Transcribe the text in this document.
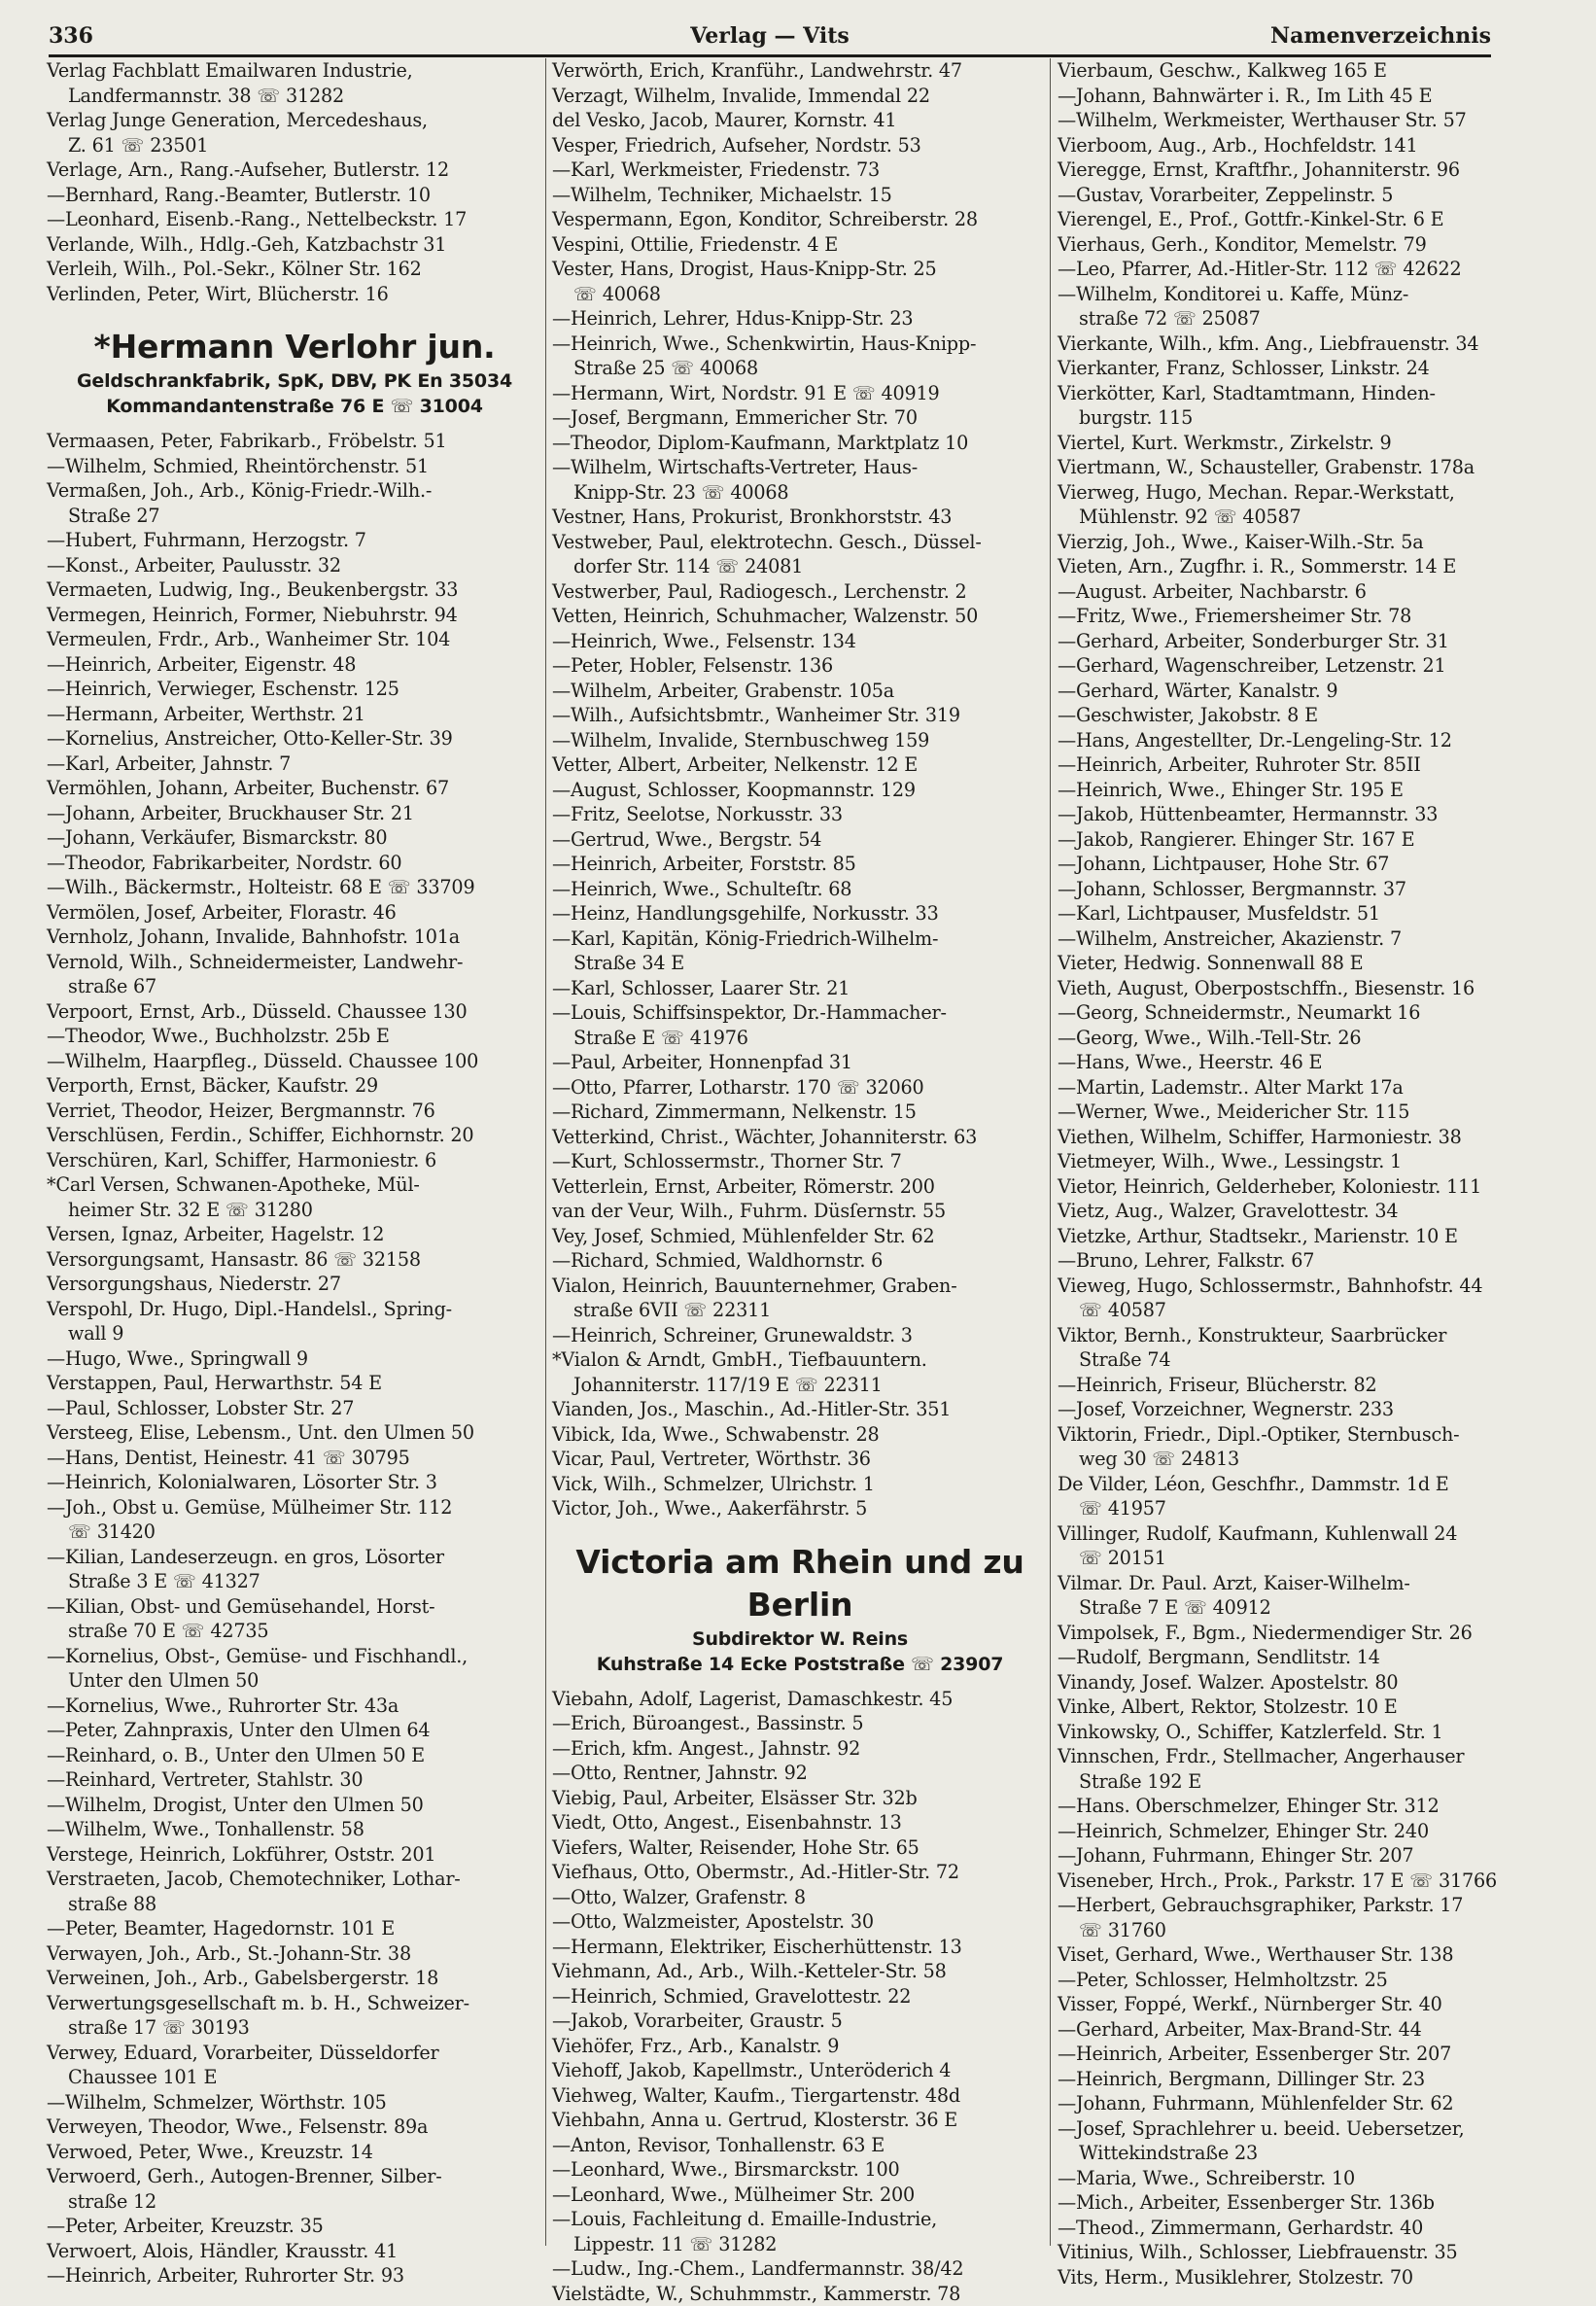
336	Verlag — Vits	Namenverzeichnis

Verlag Fachblatt Emailwaren Industrie,

Landfermannstr. 38 ☏ 31282

Verlag Junge Generation, Mercedeshaus,

Z. 61 ☏ 23501

Verlage, Arn., Rang.-Aufseher, Butlerstr. 12

—Bernhard, Rang.-Beamter, Butlerstr. 10

—Leonhard, Eisenb.-Rang., Nettelbeckstr. 17

Verlande, Wilh., Hdlg.-Geh, Katzbachstr 31

Verleih, Wilh., Pol.-Sekr., Kölner Str. 162

Verlinden, Peter, Wirt, Blücherstr. 16

*Hermann Verlohr jun.
Geldschrankfabrik, SpK, DBV, PK En 35034
Kommandantenstraße 76 E ☏ 31004

Vermaasen, Peter, Fabrikarb., Fröbelstr. 51

—Wilhelm, Schmied, Rheintörchenstr. 51

Vermaßen, Joh., Arb., König-Friedr.-Wilh.-

Straße 27

—Hubert, Fuhrmann, Herzogstr. 7

—Konst., Arbeiter, Paulusstr. 32

Vermaeten, Ludwig, Ing., Beukenbergstr. 33

Vermegen, Heinrich, Former, Niebuhrstr. 94

Vermeulen, Frdr., Arb., Wanheimer Str. 104

—Heinrich, Arbeiter, Eigenstr. 48

—Heinrich, Verwieger, Eschenstr. 125

—Hermann, Arbeiter, Werthstr. 21

—Kornelius, Anstreicher, Otto-Keller-Str. 39

—Karl, Arbeiter, Jahnstr. 7

Vermöhlen, Johann, Arbeiter, Buchenstr. 67

—Johann, Arbeiter, Bruckhauser Str. 21

—Johann, Verkäufer, Bismarckstr. 80

—Theodor, Fabrikarbeiter, Nordstr. 60

—Wilh., Bäckermstr., Holteistr. 68 E ☏ 33709

Vermölen, Josef, Arbeiter, Florastr. 46

Vernholz, Johann, Invalide, Bahnhofstr. 101a

Vernold, Wilh., Schneidermeister, Landwehr-

straße 67

Verpoort, Ernst, Arb., Düsseld. Chaussee 130

—Theodor, Wwe., Buchholzstr. 25b E

—Wilhelm, Haarpfleg., Düsseld. Chaussee 100

Verporth, Ernst, Bäcker, Kaufstr. 29

Verriet, Theodor, Heizer, Bergmannstr. 76

Verschlüsen, Ferdin., Schiffer, Eichhornstr. 20

Verschüren, Karl, Schiffer, Harmoniestr. 6

*Carl Versen, Schwanen-Apotheke, Mül-

heimer Str. 32 E ☏ 31280

Versen, Ignaz, Arbeiter, Hagelstr. 12

Versorgungsamt, Hansastr. 86 ☏ 32158

Versorgungshaus, Niederstr. 27

Verspohl, Dr. Hugo, Dipl.-Handelsl., Spring-

wall 9

—Hugo, Wwe., Springwall 9

Verstappen, Paul, Herwarthstr. 54 E

—Paul, Schlosser, Lobster Str. 27

Versteeg, Elise, Lebensm., Unt. den Ulmen 50

—Hans, Dentist, Heinestr. 41 ☏ 30795

—Heinrich, Kolonialwaren, Lösorter Str. 3

—Joh., Obst u. Gemüse, Mülheimer Str. 112

☏ 31420

—Kilian, Landeserzeugn. en gros, Lösorter

Straße 3 E ☏ 41327

—Kilian, Obst- und Gemüsehandel, Horst-

straße 70 E ☏ 42735

—Kornelius, Obst-, Gemüse- und Fischhandl.,

Unter den Ulmen 50

—Kornelius, Wwe., Ruhrorter Str. 43a

—Peter, Zahnpraxis, Unter den Ulmen 64

—Reinhard, o. B., Unter den Ulmen 50 E

—Reinhard, Vertreter, Stahlstr. 30

—Wilhelm, Drogist, Unter den Ulmen 50

—Wilhelm, Wwe., Tonhallenstr. 58

Verstege, Heinrich, Lokführer, Oststr. 201

Verstraeten, Jacob, Chemotechniker, Lothar-

straße 88

—Peter, Beamter, Hagedornstr. 101 E

Verwayen, Joh., Arb., St.-Johann-Str. 38

Verweinen, Joh., Arb., Gabelsbergerstr. 18

Verwertungsgesellschaft m. b. H., Schweizer-

straße 17 ☏ 30193

Verwey, Eduard, Vorarbeiter, Düsseldorfer

Chaussee 101 E

—Wilhelm, Schmelzer, Wörthstr. 105

Verweyen, Theodor, Wwe., Felsenstr. 89a

Verwoed, Peter, Wwe., Kreuzstr. 14

Verwoerd, Gerh., Autogen-Brenner, Silber-

straße 12

—Peter, Arbeiter, Kreuzstr. 35

Verwoert, Alois, Händler, Krausstr. 41

—Heinrich, Arbeiter, Ruhrorter Str. 93

Verwörth, Erich, Kranführ., Landwehrstr. 47

Verzagt, Wilhelm, Invalide, Immendal 22

del Vesko, Jacob, Maurer, Kornstr. 41

Vesper, Friedrich, Aufseher, Nordstr. 53

—Karl, Werkmeister, Friedenstr. 73

—Wilhelm, Techniker, Michaelstr. 15

Vespermann, Egon, Konditor, Schreiberstr. 28

Vespini, Ottilie, Friedenstr. 4 E

Vester, Hans, Drogist, Haus-Knipp-Str. 25

☏ 40068

—Heinrich, Lehrer, Hdus-Knipp-Str. 23

—Heinrich, Wwe., Schenkwirtin, Haus-Knipp-

Straße 25 ☏ 40068

—Hermann, Wirt, Nordstr. 91 E ☏ 40919

—Josef, Bergmann, Emmericher Str. 70

—Theodor, Diplom-Kaufmann, Marktplatz 10

—Wilhelm, Wirtschafts-Vertreter, Haus-

Knipp-Str. 23 ☏ 40068

Vestner, Hans, Prokurist, Bronkhorststr. 43

Vestweber, Paul, elektrotechn. Gesch., Düssel-

dorfer Str. 114 ☏ 24081

Vestwerber, Paul, Radiogesch., Lerchenstr. 2

Vetten, Heinrich, Schuhmacher, Walzenstr. 50

—Heinrich, Wwe., Felsenstr. 134

—Peter, Hobler, Felsenstr. 136

—Wilhelm, Arbeiter, Grabenstr. 105a

—Wilh., Aufsichtsbmtr., Wanheimer Str. 319

—Wilhelm, Invalide, Sternbuschweg 159

Vetter, Albert, Arbeiter, Nelkenstr. 12 E

—August, Schlosser, Koopmannstr. 129

—Fritz, Seelotse, Norkusstr. 33

—Gertrud, Wwe., Bergstr. 54

—Heinrich, Arbeiter, Forststr. 85

—Heinrich, Wwe., Schulteſtr. 68

—Heinz, Handlungsgehilfe, Norkusstr. 33

—Karl, Kapitän, König-Friedrich-Wilhelm-

Straße 34 E

—Karl, Schlosser, Laarer Str. 21

—Louis, Schiffsinspektor, Dr.-Hammacher-

Straße E ☏ 41976

—Paul, Arbeiter, Honnenpfad 31

—Otto, Pfarrer, Lotharstr. 170 ☏ 32060

—Richard, Zimmermann, Nelkenstr. 15

Vetterkind, Christ., Wächter, Johanniterstr. 63

—Kurt, Schlossermstr., Thorner Str. 7

Vetterlein, Ernst, Arbeiter, Römerstr. 200

van der Veur, Wilh., Fuhrm. Düsſernstr. 55

Vey, Josef, Schmied, Mühlenfelder Str. 62

—Richard, Schmied, Waldhornstr. 6

Vialon, Heinrich, Bauunternehmer, Graben-

straße 6VII ☏ 22311

—Heinrich, Schreiner, Grunewaldstr. 3

*Vialon & Arndt, GmbH., Tiefbauuntern.

Johanniterstr. 117/19 E ☏ 22311

Vianden, Jos., Maschin., Ad.-Hitler-Str. 351

Vibick, Ida, Wwe., Schwabenstr. 28

Vicar, Paul, Vertreter, Wörthstr. 36

Vick, Wilh., Schmelzer, Ulrichstr. 1

Victor, Joh., Wwe., Aakerfährstr. 5

Victoria am Rhein und zu Berlin
Subdirektor W. Reins
Kuhstraße 14 Ecke Poststraße ☏ 23907

Viebahn, Adolf, Lagerist, Damaschkestr. 45

—Erich, Büroangest., Bassinstr. 5

—Erich, kfm. Angest., Jahnstr. 92

—Otto, Rentner, Jahnstr. 92

Viebig, Paul, Arbeiter, Elsässer Str. 32b

Viedt, Otto, Angest., Eisenbahnstr. 13

Viefers, Walter, Reisender, Hohe Str. 65

Viefhaus, Otto, Obermstr., Ad.-Hitler-Str. 72

—Otto, Walzer, Grafenstr. 8

—Otto, Walzmeister, Apostelstr. 30

—Hermann, Elektriker, Eischerhüttenstr. 13

Viehmann, Ad., Arb., Wilh.-Ketteler-Str. 58

—Heinrich, Schmied, Gravelottestr. 22

—Jakob, Vorarbeiter, Graustr. 5

Viehöfer, Frz., Arb., Kanalstr. 9

Viehoff, Jakob, Kapellmstr., Unteröderich 4

Viehweg, Walter, Kaufm., Tiergartenstr. 48d

Viehbahn, Anna u. Gertrud, Klosterstr. 36 E

—Anton, Revisor, Tonhallenstr. 63 E

—Leonhard, Wwe., Birsmarckstr. 100

—Leonhard, Wwe., Mülheimer Str. 200

—Louis, Fachleitung d. Emaille-Industrie,

Lippestr. 11 ☏ 31282

—Ludw., Ing.-Chem., Landfermannstr. 38/42

Vielstädte, W., Schuhmmstr., Kammerstr. 78

Vierbaum, Geschw., Kalkweg 165 E

—Johann, Bahnwärter i. R., Im Lith 45 E

—Wilhelm, Werkmeister, Werthauser Str. 57

Vierboom, Aug., Arb., Hochfeldstr. 141

Vieregge, Ernst, Kraftfhr., Johanniterstr. 96

—Gustav, Vorarbeiter, Zeppelinstr. 5

Vierengel, E., Prof., Gottfr.-Kinkel-Str. 6 E

Vierhaus, Gerh., Konditor, Memelstr. 79

—Leo, Pfarrer, Ad.-Hitler-Str. 112 ☏ 42622

—Wilhelm, Konditorei u. Kaffe, Münz-

straße 72 ☏ 25087

Vierkante, Wilh., kfm. Ang., Liebfrauenstr. 34

Vierkanter, Franz, Schlosser, Linkstr. 24

Vierkötter, Karl, Stadtamtmann, Hinden-

burgstr. 115

Viertel, Kurt. Werkmstr., Zirkelstr. 9

Viertmann, W., Schausteller, Grabenstr. 178a

Vierweg, Hugo, Mechan. Repar.-Werkstatt,

Mühlenstr. 92 ☏ 40587

Vierzig, Joh., Wwe., Kaiser-Wilh.-Str. 5a

Vieten, Arn., Zugfhr. i. R., Sommerstr. 14 E

—August. Arbeiter, Nachbarstr. 6

—Fritz, Wwe., Friemersheimer Str. 78

—Gerhard, Arbeiter, Sonderburger Str. 31

—Gerhard, Wagenschreiber, Letzenstr. 21

—Gerhard, Wärter, Kanalstr. 9

—Geschwister, Jakobstr. 8 E

—Hans, Angestellter, Dr.-Lengeling-Str. 12

—Heinrich, Arbeiter, Ruhroter Str. 85II

—Heinrich, Wwe., Ehinger Str. 195 E

—Jakob, Hüttenbeamter, Hermannstr. 33

—Jakob, Rangierer. Ehinger Str. 167 E

—Johann, Lichtpauser, Hohe Str. 67

—Johann, Schlosser, Bergmannstr. 37

—Karl, Lichtpauser, Musfeldstr. 51

—Wilhelm, Anstreicher, Akazienstr. 7

Vieter, Hedwig. Sonnenwall 88 E

Vieth, August, Oberpostschffn., Biesenstr. 16

—Georg, Schneidermstr., Neumarkt 16

—Georg, Wwe., Wilh.-Tell-Str. 26

—Hans, Wwe., Heerstr. 46 E

—Martin, Lademstr.. Alter Markt 17a

—Werner, Wwe., Meidericher Str. 115

Viethen, Wilhelm, Schiffer, Harmoniestr. 38

Vietmeyer, Wilh., Wwe., Lessingstr. 1

Vietor, Heinrich, Gelderheber, Koloniestr. 111

Vietz, Aug., Walzer, Gravelottestr. 34

Vietzke, Arthur, Stadtsekr., Marienstr. 10 E

—Bruno, Lehrer, Falkstr. 67

Vieweg, Hugo, Schlossermstr., Bahnhofstr. 44

☏ 40587

Viktor, Bernh., Konstrukteur, Saarbrücker

Straße 74

—Heinrich, Friseur, Blücherstr. 82

—Josef, Vorzeichner, Wegnerstr. 233

Viktorin, Friedr., Dipl.-Optiker, Sternbusch-

weg 30 ☏ 24813

De Vilder, Léon, Geschfhr., Dammstr. 1d E

☏ 41957

Villinger, Rudolf, Kaufmann, Kuhlenwall 24

☏ 20151

Vilmar. Dr. Paul. Arzt, Kaiser-Wilhelm-

Straße 7 E ☏ 40912

Vimpolsek, F., Bgm., Niedermendiger Str. 26

—Rudolf, Bergmann, Sendlitstr. 14

Vinandy, Josef. Walzer. Apostelstr. 80

Vinke, Albert, Rektor, Stolzestr. 10 E

Vinkowsky, O., Schiffer, Katzlerfeld. Str. 1

Vinnschen, Frdr., Stellmacher, Angerhauser

Straße 192 E

—Hans. Oberschmelzer, Ehinger Str. 312

—Heinrich, Schmelzer, Ehinger Str. 240

—Johann, Fuhrmann, Ehinger Str. 207

Viseneber, Hrch., Prok., Parkstr. 17 E ☏ 31766

—Herbert, Gebrauchsgraphiker, Parkstr. 17

☏ 31760

Viset, Gerhard, Wwe., Werthauser Str. 138

—Peter, Schlosser, Helmholtzstr. 25

Visser, Foppé, Werkf., Nürnberger Str. 40

—Gerhard, Arbeiter, Max-Brand-Str. 44

—Heinrich, Arbeiter, Essenberger Str. 207

—Heinrich, Bergmann, Dillinger Str. 23

—Johann, Fuhrmann, Mühlenfelder Str. 62

—Josef, Sprachlehrer u. beeid. Uebersetzer,

Wittekindstraße 23

—Maria, Wwe., Schreiberstr. 10

—Mich., Arbeiter, Essenberger Str. 136b

—Theod., Zimmermann, Gerhardstr. 40

Vitinius, Wilh., Schlosser, Liebfrauenstr. 35

Vits, Herm., Musiklehrer, Stolzestr. 70
